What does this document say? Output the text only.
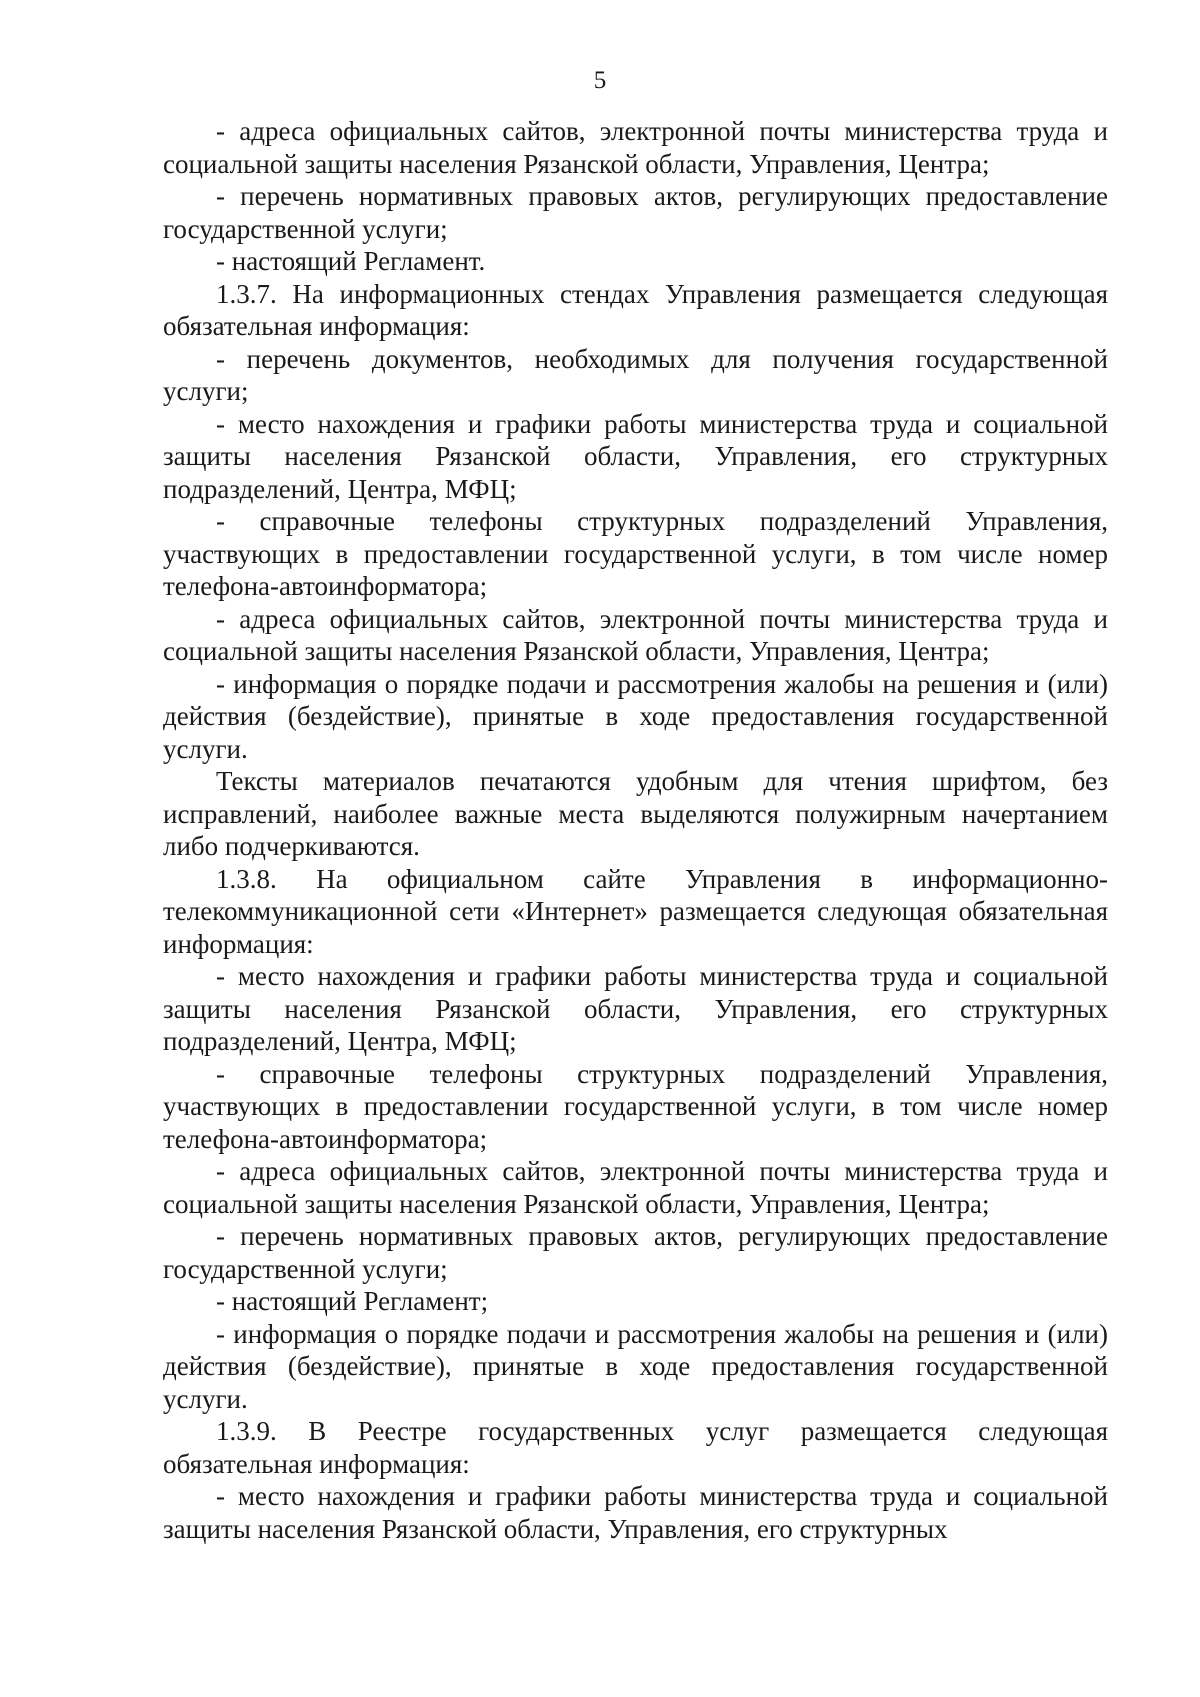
5

- адреса официальных сайтов, электронной почты министерства труда и социальной защиты населения Рязанской области, Управления, Центра;

- перечень нормативных правовых актов, регулирующих предоставление государственной услуги;

- настоящий Регламент.

1.3.7. На информационных стендах Управления размещается следующая обязательная информация:

- перечень документов, необходимых для получения государственной услуги;

- место нахождения и графики работы министерства труда и социальной защиты населения Рязанской области, Управления, его структурных подразделений, Центра, МФЦ;

- справочные телефоны структурных подразделений Управления, участвующих в предоставлении государственной услуги, в том числе номер телефона-автоинформатора;

- адреса официальных сайтов, электронной почты министерства труда и социальной защиты населения Рязанской области, Управления, Центра;

- информация о порядке подачи и рассмотрения жалобы на решения и (или) действия (бездействие), принятые в ходе предоставления государственной услуги.

Тексты материалов печатаются удобным для чтения шрифтом, без исправлений, наиболее важные места выделяются полужирным начертанием либо подчеркиваются.

1.3.8. На официальном сайте Управления в информационно-телекоммуникационной сети «Интернет» размещается следующая обязательная информация:

- место нахождения и графики работы министерства труда и социальной защиты населения Рязанской области, Управления, его структурных подразделений, Центра, МФЦ;

- справочные телефоны структурных подразделений Управления, участвующих в предоставлении государственной услуги, в том числе номер телефона-автоинформатора;

- адреса официальных сайтов, электронной почты министерства труда и социальной защиты населения Рязанской области, Управления, Центра;

- перечень нормативных правовых актов, регулирующих предоставление государственной услуги;

- настоящий Регламент;

- информация о порядке подачи и рассмотрения жалобы на решения и (или) действия (бездействие), принятые в ходе предоставления государственной услуги.

1.3.9. В Реестре государственных услуг размещается следующая обязательная информация:

- место нахождения и графики работы министерства труда и социальной защиты населения Рязанской области, Управления, его структурных
